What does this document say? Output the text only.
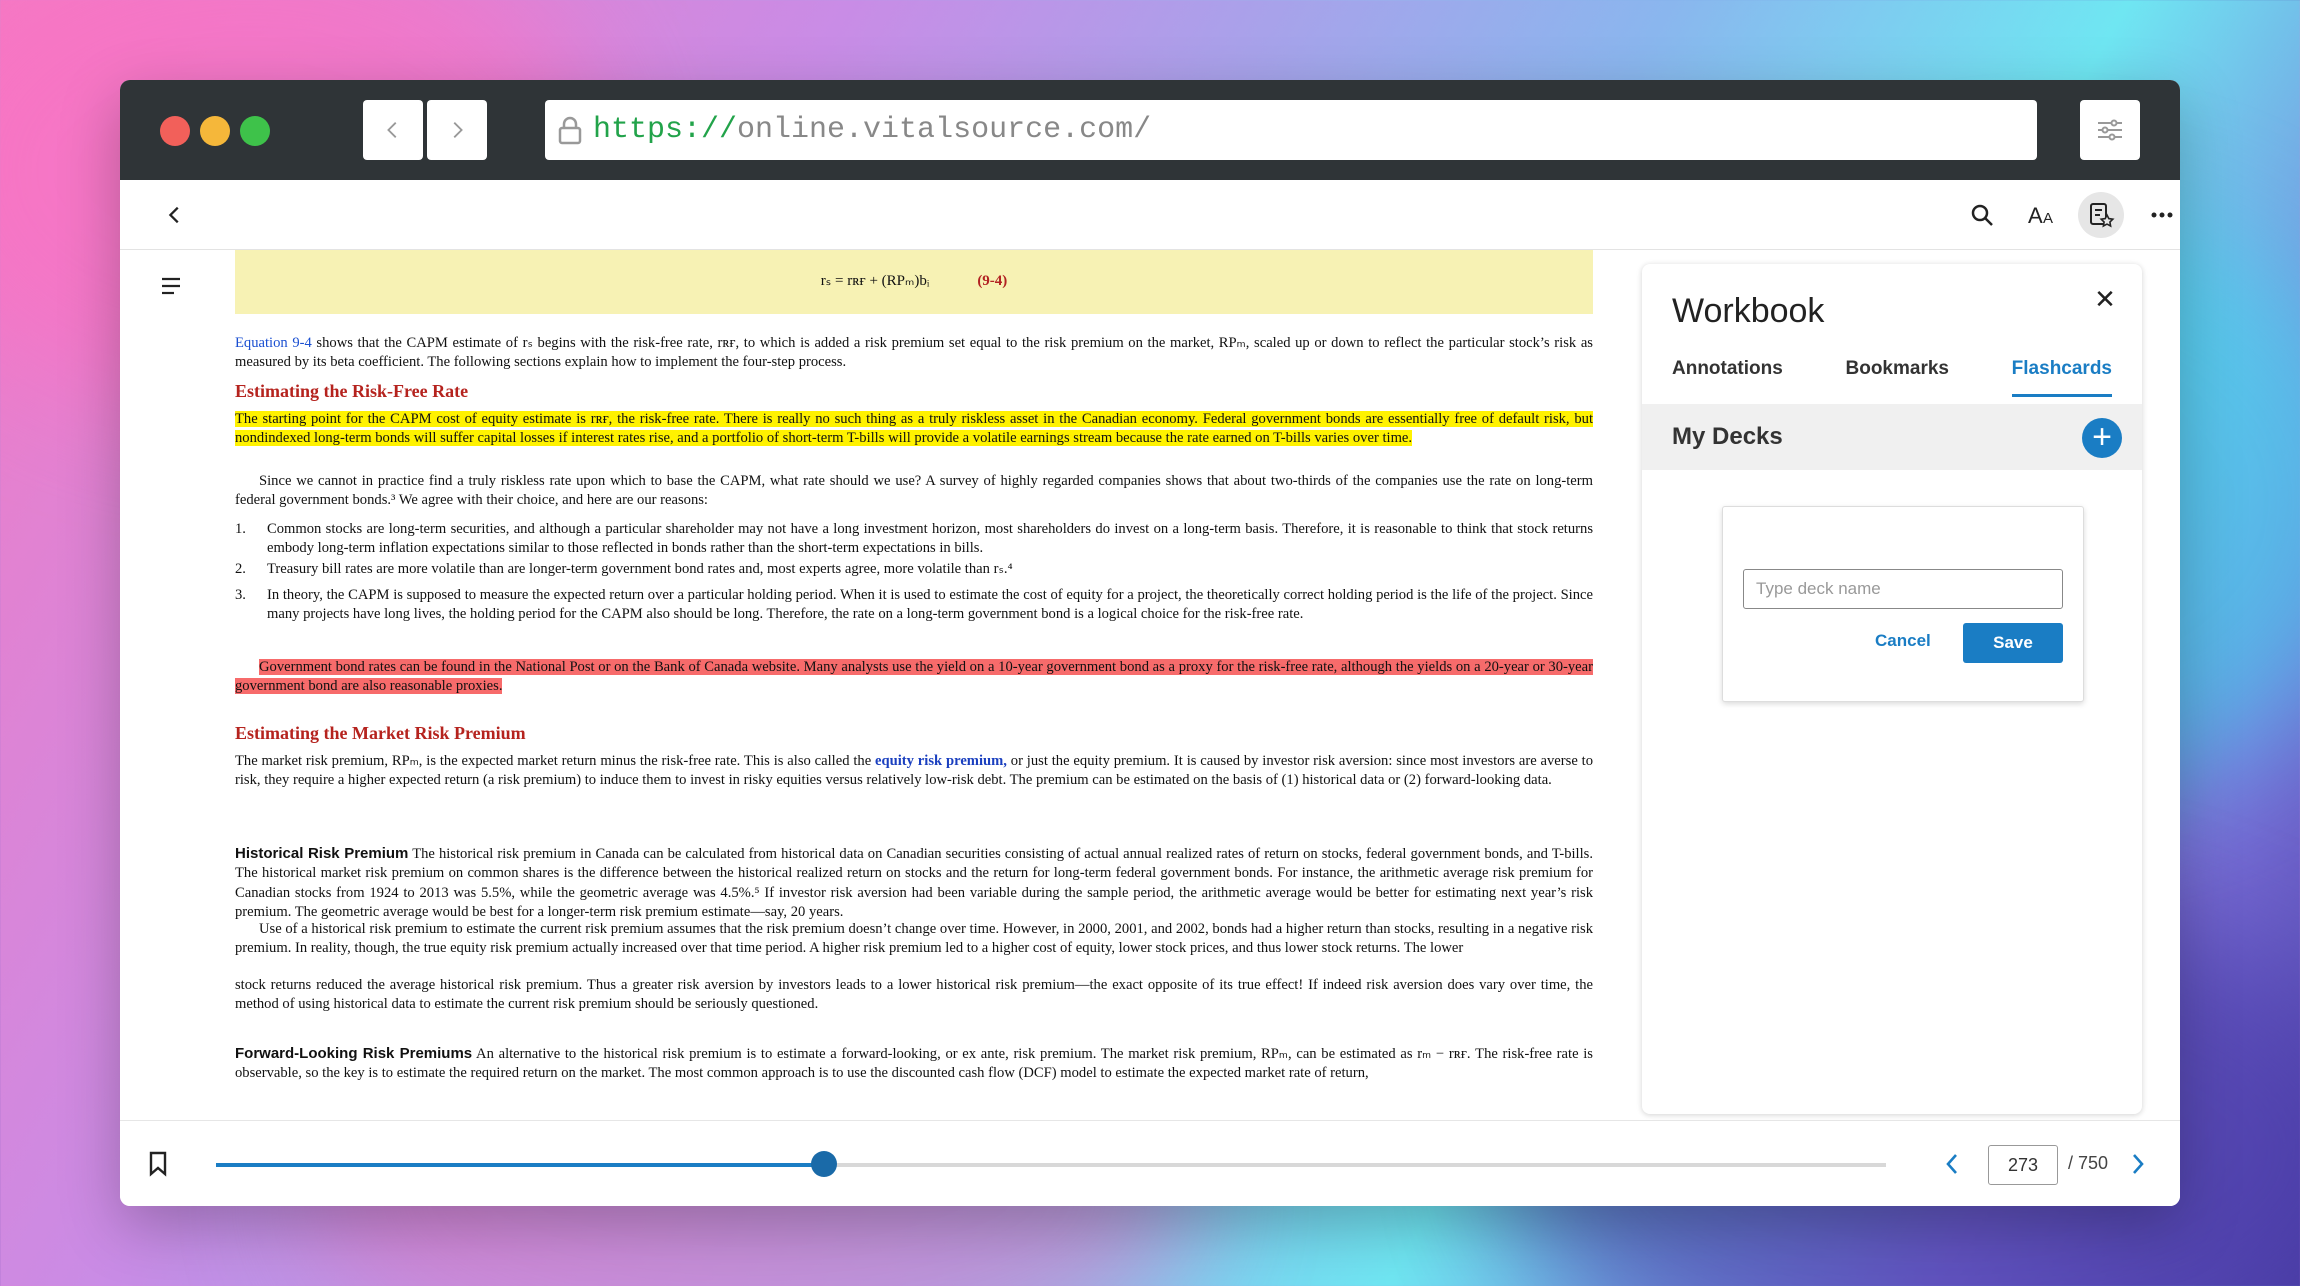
https:// online.vitalsource.com/
A A
rₛ = rʀғ + (RPₘ)bᵢ	(9-4)
Equation 9-4 shows that the CAPM estimate of rₛ begins with the risk-free rate, rʀғ, to which is added a risk premium set equal to the risk premium on the market, RPₘ, scaled up or down to reflect the particular stock’s risk as measured by its beta coefficient. The following sections explain how to implement the four-step process.
Estimating the Risk-Free Rate
The starting point for the CAPM cost of equity estimate is rʀғ, the risk-free rate. There is really no such thing as a truly riskless asset in the Canadian economy. Federal government bonds are essentially free of default risk, but nondindexed long-term bonds will suffer capital losses if interest rates rise, and a portfolio of short-term T-bills will provide a volatile earnings stream because the rate earned on T-bills varies over time.
Since we cannot in practice find a truly riskless rate upon which to base the CAPM, what rate should we use? A survey of highly regarded companies shows that about two-thirds of the companies use the rate on long-term federal government bonds.³ We agree with their choice, and here are our reasons:
1.	Common stocks are long-term securities, and although a particular shareholder may not have a long investment horizon, most shareholders do invest on a long-term basis. Therefore, it is reasonable to think that stock returns embody long-term inflation expectations similar to those reflected in bonds rather than the short-term expectations in bills.
2.	Treasury bill rates are more volatile than are longer-term government bond rates and, most experts agree, more volatile than rₛ.⁴
3.	In theory, the CAPM is supposed to measure the expected return over a particular holding period. When it is used to estimate the cost of equity for a project, the theoretically correct holding period is the life of the project. Since many projects have long lives, the holding period for the CAPM also should be long. Therefore, the rate on a long-term government bond is a logical choice for the risk-free rate.
Government bond rates can be found in the National Post or on the Bank of Canada website. Many analysts use the yield on a 10-year government bond as a proxy for the risk-free rate, although the yields on a 20-year or 30-year government bond are also reasonable proxies.
Estimating the Market Risk Premium
The market risk premium, RPₘ, is the expected market return minus the risk-free rate. This is also called the equity risk premium, or just the equity premium. It is caused by investor risk aversion: since most investors are averse to risk, they require a higher expected return (a risk premium) to induce them to invest in risky equities versus relatively low-risk debt. The premium can be estimated on the basis of (1) historical data or (2) forward-looking data.
Historical Risk Premium The historical risk premium in Canada can be calculated from historical data on Canadian securities consisting of actual annual realized rates of return on stocks, federal government bonds, and T-bills. The historical market risk premium on common shares is the difference between the historical realized return on stocks and the return for long-term federal government bonds. For instance, the arithmetic average risk premium for Canadian stocks from 1924 to 2013 was 5.5%, while the geometric average was 4.5%.⁵ If investor risk aversion had been variable during the sample period, the arithmetic average would be better for estimating next year’s risk premium. The geometric average would be best for a longer-term risk premium estimate—say, 20 years.
Use of a historical risk premium to estimate the current risk premium assumes that the risk premium doesn’t change over time. However, in 2000, 2001, and 2002, bonds had a higher return than stocks, resulting in a negative risk premium. In reality, though, the true equity risk premium actually increased over that time period. A higher risk premium led to a higher cost of equity, lower stock prices, and thus lower stock returns. The lower
stock returns reduced the average historical risk premium. Thus a greater risk aversion by investors leads to a lower historical risk premium—the exact opposite of its true effect! If indeed risk aversion does vary over time, the method of using historical data to estimate the current risk premium should be seriously questioned.
Forward-Looking Risk Premiums An alternative to the historical risk premium is to estimate a forward-looking, or ex ante, risk premium. The market risk premium, RPₘ, can be estimated as rₘ − rʀғ. The risk-free rate is observable, so the key is to estimate the required return on the market. The most common approach is to use the discounted cash flow (DCF) model to estimate the expected market rate of return,
Workbook	✕
Annotations	Bookmarks	Flashcards
My Decks	+
Type deck name
Cancel	Save
273
/ 750
